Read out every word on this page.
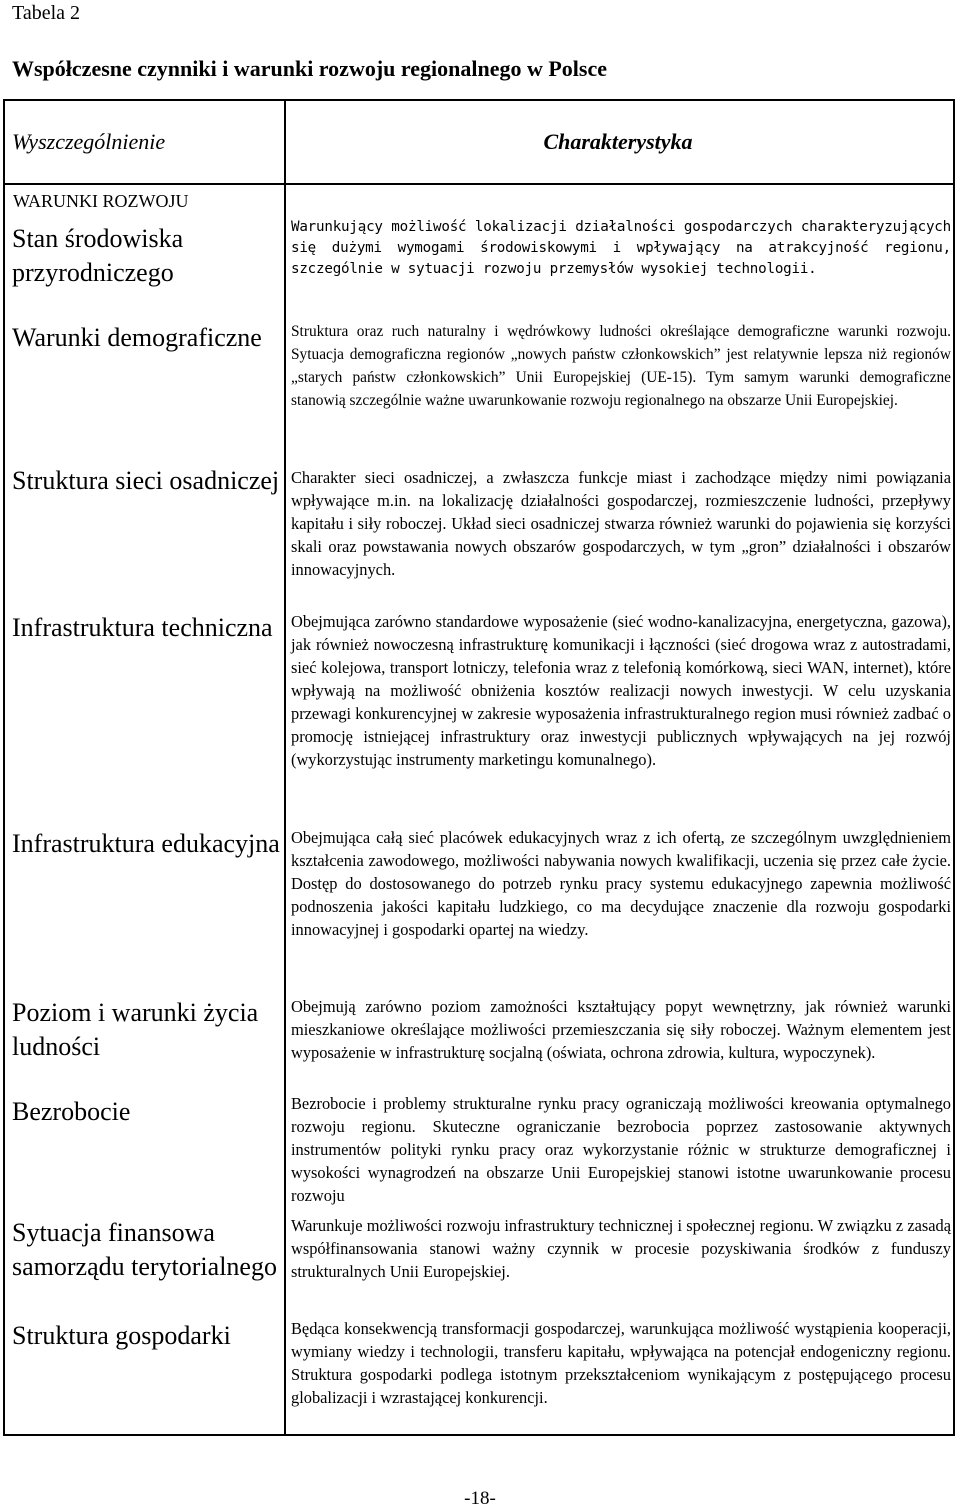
Tabela 2
Współczesne czynniki i warunki rozwoju regionalnego w Polsce
Wyszczególnienie	Charakterystyka
WARUNKI ROZWOJU
Stan środowiska przyrodniczego
Warunki demograficzne
Struktura sieci osadniczej
Infrastruktura techniczna
Infrastruktura edukacyjna
Poziom i warunki życia ludności
Bezrobocie
Sytuacja finansowa samorządu terytorialnego
Struktura gospodarki
Warunkujący możliwość lokalizacji działalności gospodarczych charakteryzujących się dużymi wymogami środowiskowymi i wpływający na atrakcyjność regionu, szczególnie w sytuacji rozwoju przemysłów wysokiej technologii.
Struktura oraz ruch naturalny i wędrówkowy ludności określające demograficzne warunki rozwoju. Sytuacja demograficzna regionów „nowych państw członkowskich” jest relatywnie lepsza niż regionów „starych państw członkowskich” Unii Europejskiej (UE-15). Tym samym warunki demograficzne stanowią szczególnie ważne uwarunkowanie rozwoju regionalnego na obszarze Unii Europejskiej.
Charakter sieci osadniczej, a zwłaszcza funkcje miast i zachodzące między nimi powiązania wpływające m.in. na lokalizację działalności gospodarczej, rozmieszczenie ludności, przepływy kapitału i siły roboczej. Układ sieci osadniczej stwarza również warunki do pojawienia się korzyści skali oraz powstawania nowych obszarów gospodarczych, w tym „gron” działalności i obszarów innowacyjnych.
Obejmująca zarówno standardowe wyposażenie (sieć wodno-kanalizacyjna, energetyczna, gazowa), jak również nowoczesną infrastrukturę komunikacji i łączności (sieć drogowa wraz z autostradami, sieć kolejowa, transport lotniczy, telefonia wraz z telefonią komórkową, sieci WAN, internet), które wpływają na możliwość obniżenia kosztów realizacji nowych inwestycji. W celu uzyskania przewagi konkurencyjnej w zakresie wyposażenia infrastrukturalnego region musi również zadbać o promocję istniejącej infrastruktury oraz inwestycji publicznych wpływających na jej rozwój (wykorzystując instrumenty marketingu komunalnego).
Obejmująca całą sieć placówek edukacyjnych wraz z ich ofertą, ze szczególnym uwzględnieniem kształcenia zawodowego, możliwości nabywania nowych kwalifikacji, uczenia się przez całe życie. Dostęp do dostosowanego do potrzeb rynku pracy systemu edukacyjnego zapewnia możliwość podnoszenia jakości kapitału ludzkiego, co ma decydujące znaczenie dla rozwoju gospodarki innowacyjnej i gospodarki opartej na wiedzy.
Obejmują zarówno poziom zamożności kształtujący popyt wewnętrzny, jak również warunki mieszkaniowe określające możliwości przemieszczania się siły roboczej. Ważnym elementem jest wyposażenie w infrastrukturę socjalną (oświata, ochrona zdrowia, kultura, wypoczynek).
Bezrobocie i problemy strukturalne rynku pracy ograniczają możliwości kreowania optymalnego rozwoju regionu. Skuteczne ograniczanie bezrobocia poprzez zastosowanie aktywnych instrumentów polityki rynku pracy oraz wykorzystanie różnic w strukturze demograficznej i wysokości wynagrodzeń na obszarze Unii Europejskiej stanowi istotne uwarunkowanie procesu rozwoju
Warunkuje możliwości rozwoju infrastruktury technicznej i społecznej regionu. W związku z zasadą współfinansowania stanowi ważny czynnik w procesie pozyskiwania środków z funduszy strukturalnych Unii Europejskiej.
Będąca konsekwencją transformacji gospodarczej, warunkująca możliwość wystąpienia kooperacji, wymiany wiedzy i technologii, transferu kapitału, wpływająca na potencjał endogeniczny regionu. Struktura gospodarki podlega istotnym przekształceniom wynikającym z postępującego procesu globalizacji i wzrastającej konkurencji.
-18-
